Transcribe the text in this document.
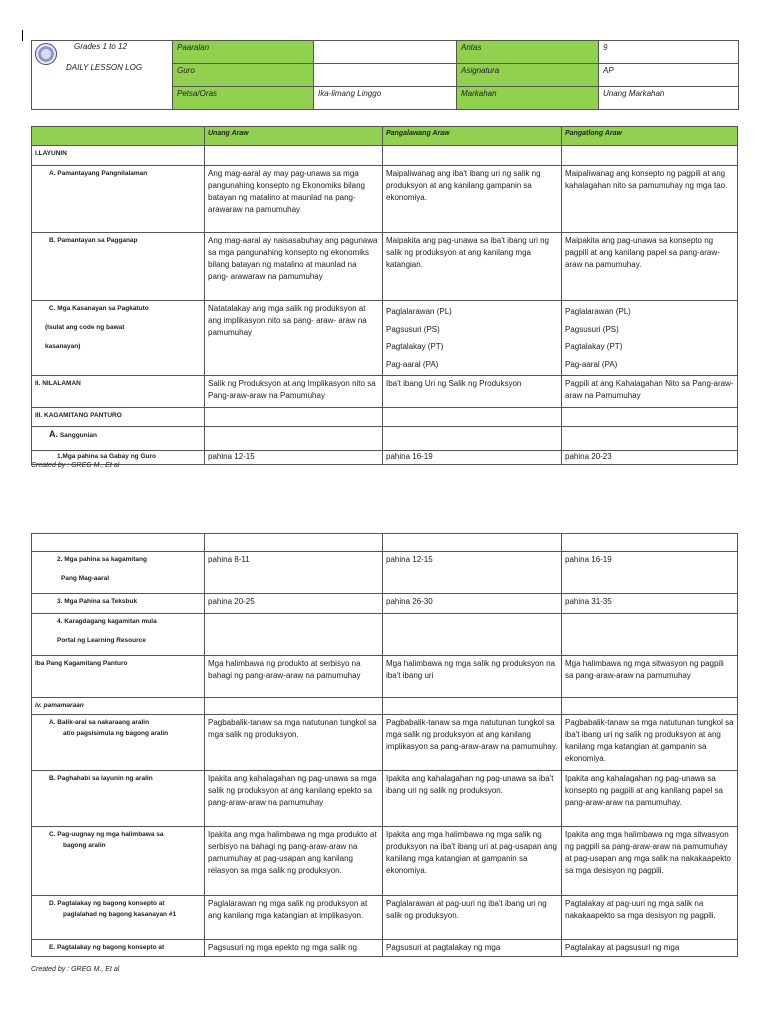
Grades 1 to 12
DAILY LESSON LOG	Paaralan		Antas	9
	Guro		Asignatura	AP
	Petsa/Oras	Ika-limang Linggo	Markahan	Unang Markahan
	Unang Araw	Pangalawang Araw	Pangatlong Araw
I.LAYUNIN			

A. Pamantayang Pangnilalaman	Ang mag-aaral ay may pag-unawa sa mga pangunahing konsepto ng Ekonomiks bilang batayan ng matalino at maunlad na pang-arawaraw na pamumuhay	Maipaliwanag ang iba't ibang uri ng salik ng produksyon at ang kanilang gampanin sa ekonomiya.	Maipaliwanag ang konsepto ng pagpili at ang kahalagahan nito sa pamumuhay ng mga tao.

B. Pamantayan sa Pagganap	Ang mag-aaral ay naisasabuhay ang pagunawa sa mga pangunahing konsepto ng ekonomiks bilang batayan ng matalino at maunlad na pang- arawaraw na pamumuhay	Maipakita ang pag-unawa sa iba't ibang uri ng salik ng produksyon at ang kanilang mga katangian.	Maipakita ang pag-unawa sa konsepto ng pagpili at ang kanilang papel sa pang-araw-araw na pamumuhay.

C. Mga Kasanayan sa Pagkatuto
(Isulat ang code ng bawat
kasanayan)	Natatalakay ang mga salik ng produksyon at ang implikasyon nito sa pang- araw- araw na pamumuhay	Paglalarawan (PL)
Pagsusuri (PS)
Pagtalakay (PT)
Pag-aaral (PA)	Paglalarawan (PL)
Pagsusuri (PS)
Pagtalakay (PT)
Pag-aaral (PA)
II. NILALAMAN	Salik ng Produksyon at ang Implikasyon nito sa Pang-araw-araw na Pamumuhay	Iba't ibang Uri ng Salik ng Produksyon	Pagpili at ang Kahalagahan Nito sa Pang-araw-araw na Pamumuhay
III. KAGAMITANG PANTURO			
A. Sanggunian			

1.Mga pahina sa Gabay ng Guro	pahina 12-15	pahina 16-19	pahina 20-23
Created by : GREG M., Et al

2. Mga pahina sa kagamitang
Pang Mag-aaral	pahina 8-11	pahina 12-15	pahina 16-19

3. Mga Pahina sa Teksbuk	pahina 20-25	pahina 26-30	pahina 31-35

4. Karagdagang kagamitan mula
Portal ng Learning Resource			

Iba Pang Kagamitang Panturo	Mga halimbawa ng produkto at serbisyo na bahagi ng pang-araw-araw na pamumuhay	Mga halimbawa ng mga salik ng produksyon na iba't ibang uri	Mga halimbawa ng mga sitwasyon ng pagpili sa pang-araw-araw na pamumuhay
iv. pamamaraan			

A. Balik-aral sa nakaraang aralin
at/o pagsisimula ng bagong aralin	Pagbabalik-tanaw sa mga natutunan tungkol sa mga salik ng produksyon.	Pagbabalik-tanaw sa mga natutunan tungkol sa mga salik ng produksyon at ang kanilang implikasyon sa pang-araw-araw na pamumuhay.	Pagbabalik-tanaw sa mga natutunan tungkol sa iba't ibang uri ng salik ng produksyon at ang kanilang mga katangian at gampanin sa ekonomiya.

B. Paghahabi sa layunin ng aralin	Ipakita ang kahalagahan ng pag-unawa sa mga salik ng produksyon at ang kanilang epekto sa pang-araw-araw na pamumuhay	Ipakita ang kahalagahan ng pag-unawa sa iba't ibang uri ng salik ng produksyon.	Ipakita ang kahalagahan ng pag-unawa sa konsepto ng pagpili at ang kanilang papel sa pang-araw-araw na pamumuhay.

C. Pag-uugnay ng mga halimbawa sa
bagong aralin	Ipakita ang mga halimbawa ng mga produkto at serbisyo na bahagi ng pang-araw-araw na pamumuhay at pag-usapan ang kanilang relasyon sa mga salik ng produksyon.	Ipakita ang mga halimbawa ng mga salik ng produksyon na iba't ibang uri at pag-usapan ang kanilang mga katangian at gampanin sa ekonomiya.	Ipakita ang mga halimbawa ng mga sitwasyon ng pagpili sa pang-araw-araw na pamumuhay at pag-usapan ang mga salik na nakakaapekto sa mga desisyon ng pagpili.

D. Pagtalakay ng bagong konsepto at
paglalahad ng bagong kasanayan #1	Paglalarawan ng mga salik ng produksyon at ang kanilang mga katangian at implikasyon.	Paglalarawan at pag-uuri ng iba't ibang uri ng salik ng produksyon.	Pagtalakay at pag-uuri ng mga salik na nakakaapekto sa mga desisyon ng pagpili.

E. Pagtalakay ng bagong konsepto at	Pagsusuri ng mga epekto ng mga salik ng	Pagsusuri at pagtalakay ng mga	Pagtalakay at pagsusuri ng mga
Created by : GREG M., Et al
